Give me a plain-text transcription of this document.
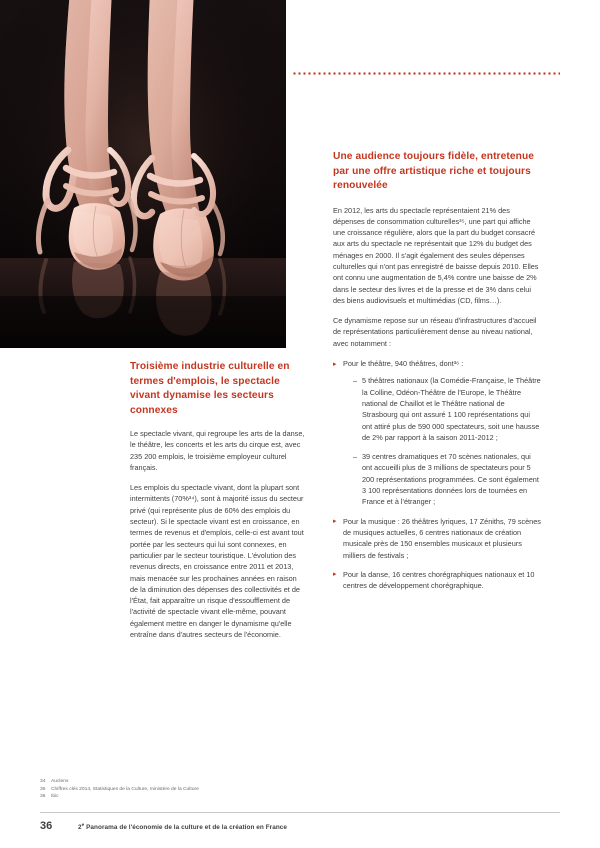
Troisième industrie culturelle en termes d'emplois, le spectacle vivant dynamise les secteurs connexes

Le spectacle vivant, qui regroupe les arts de la danse, le théâtre, les concerts et les arts du cirque est, avec 235 200 emplois, le troisième employeur culturel français.

Les emplois du spectacle vivant, dont la plupart sont intermittents (70%³⁴), sont à majorité issus du secteur privé (qui représente plus de 60% des emplois du secteur). Si le spectacle vivant est en croissance, en termes de revenus et d'emplois, celle-ci est avant tout portée par les secteurs qui lui sont connexes, en particulier par le secteur touristique. L'évolution des revenus directs, en croissance entre 2011 et 2013, mais menacée sur les prochaines années en raison de la diminution des dépenses des collectivités et de l'État, fait apparaître un risque d'essoufflement de l'activité de spectacle vivant elle-même, pouvant également mettre en danger le dynamisme qu'elle entraîne dans d'autres secteurs de l'économie.

Une audience toujours fidèle, entretenue par une offre artistique riche et toujours renouvelée

En 2012, les arts du spectacle représentaient 21% des dépenses de consommation culturelles³⁵, une part qui affiche une croissance régulière, alors que la part du budget consacré aux arts du spectacle ne représentait que 12% du budget des ménages en 2000. Il s'agit également des seules dépenses culturelles qui n'ont pas enregistré de baisse depuis 2010. Elles ont connu une augmentation de 5,4% contre une baisse de 2% dans le secteur des livres et de la presse et de 3% dans celui des biens audiovisuels et multimédias (CD, films…).

Ce dynamisme repose sur un réseau d'infrastructures d'accueil de représentations particulièrement dense au niveau national, avec notamment :

▸ Pour le théâtre, 940 théâtres, dont³⁶ :
– 5 théâtres nationaux (la Comédie-Française, le Théâtre la Colline, Odéon-Théâtre de l'Europe, le Théâtre national de Chaillot et le Théâtre national de Strasbourg qui ont assuré 1 100 représentations qui ont attiré plus de 590 000 spectateurs, soit une hausse de 2% par rapport à la saison 2011-2012 ;
– 39 centres dramatiques et 70 scènes nationales, qui ont accueilli plus de 3 millions de spectateurs pour 5 200 représentations programmées. Ce sont également 3 100 représentations données lors de tournées en France et à l'étranger ;
▸ Pour la musique : 26 théâtres lyriques, 17 Zéniths, 79 scènes de musiques actuelles, 6 centres nationaux de création musicale près de 150 ensembles musicaux et plusieurs milliers de festivals ;
▸ Pour la danse, 16 centres chorégraphiques nationaux et 10 centres de développement chorégraphique.
34 Auclens
35 Chiffres clés 2014, Statistiques de la Culture, ministère de la Culture
36 Ibic
36	2e Panorama de l'économie de la culture et de la création en France
